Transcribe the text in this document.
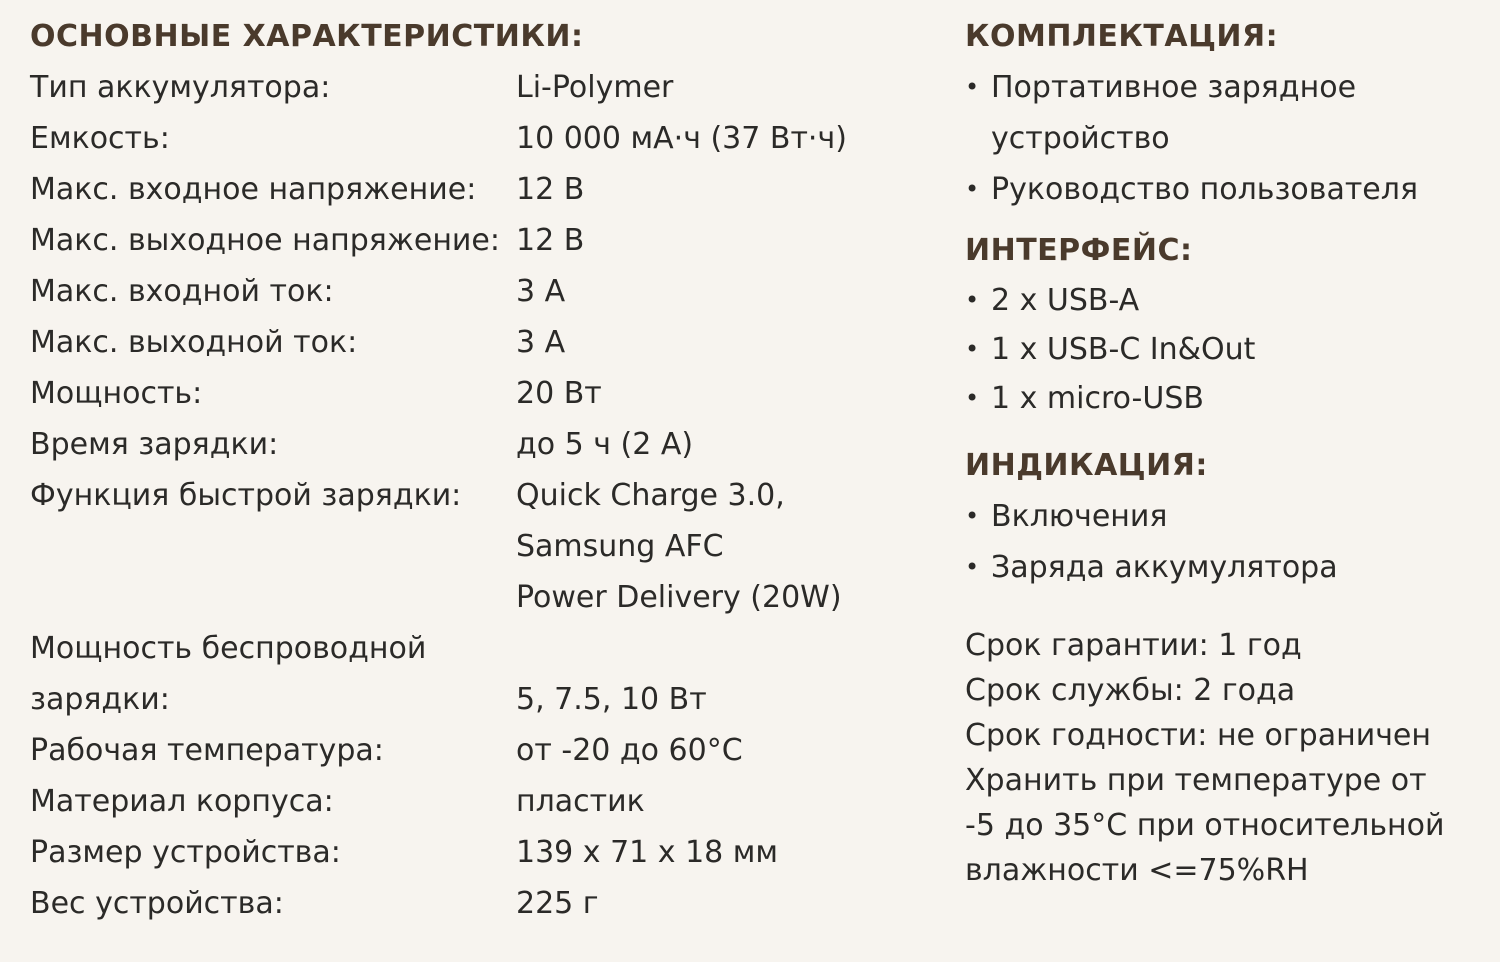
ОСНОВНЫЕ ХАРАКТЕРИСТИКИ:
Тип аккумулятора:	Li-Polymer
Емкость:	10 000 мА·ч (37 Вт·ч)
Макс. входное напряжение:	12 В
Макс. выходное напряжение: 12 В
Макс. входной ток:	3 А
Макс. выходной ток:	3 А
Мощность:	20 Вт
Время зарядки:	до 5 ч (2 А)
Функция быстрой зарядки:	Quick Charge 3.0,
Samsung AFC
Power Delivery (20W)
Мощность беспроводной
зарядки:
	5, 7.5, 10 Вт
Рабочая температура:	от -20 до 60°С
Материал корпуса:	пластик
Размер устройства:	139 х 71 х 18 мм
Вес устройства:	225 г
КОМПЛЕКТАЦИЯ:
• Портативное зарядное
устройство
• Руководство пользователя
ИНТЕРФЕЙС:
• 2 x USB-A
• 1 x USB-C In&Out
• 1 x micro-USB
ИНДИКАЦИЯ:
• Включения
• Заряда аккумулятора
Срок гарантии: 1 год
Срок службы: 2 года
Срок годности: не ограничен
Хранить при температуре от
-5 до 35°С при относительной
влажности <=75%RH
